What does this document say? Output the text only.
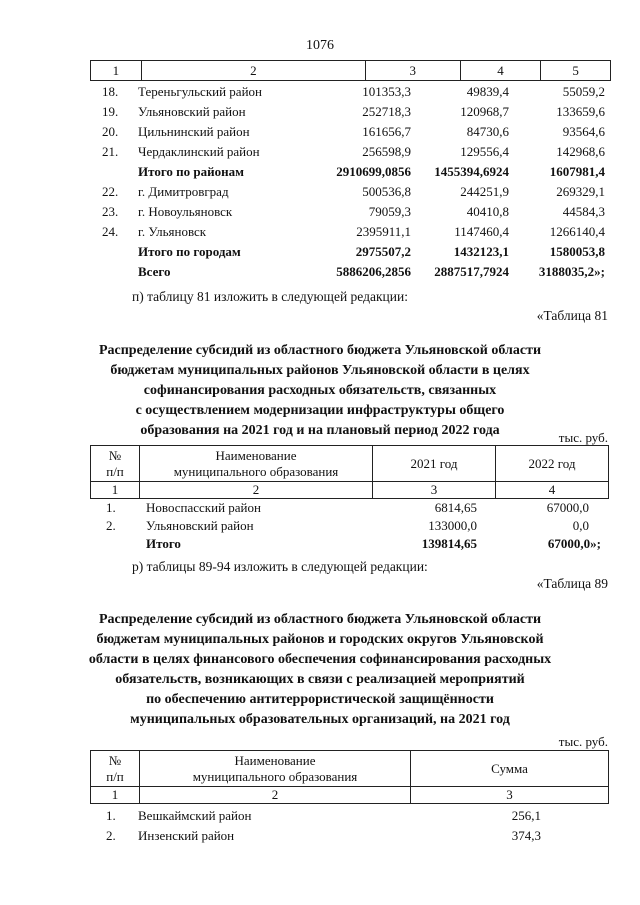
1076
1	2	3	4	5
18. Тереньгульский район	101353,3	49839,4	55059,2
19. Ульяновский район	252718,3	120968,7	133659,6
20. Цильнинский район	161656,7	84730,6	93564,6
21. Чердаклинский район	256598,9	129556,4	142968,6
Итого по районам	2910699,0856 1455394,6924	1607981,4
22. г. Димитровград	500536,8	244251,9	269329,1
23. г. Новоульяновск	79059,3	40410,8	44584,3
24. г. Ульяновск	2395911,1	1147460,4	1266140,4
Итого по городам	2975507,2	1432123,1	1580053,8
Всего	5886206,2856 2887517,7924 3188035,2»;
п) таблицу 81 изложить в следующей редакции:
«Таблица 81
Распределение субсидий из областного бюджета Ульяновской области
бюджетам муниципальных районов Ульяновской области в целях
софинансирования расходных обязательств, связанных
с осуществлением модернизации инфраструктуры общего
образования на 2021 год и на плановый период 2022 года	тыс. руб.
№
п/п	Наименование
муниципального образования	2021 год	2022 год
1	2	3	4
1. Новоспасский район	6814,65	67000,0
2. Ульяновский район	133000,0	0,0
Итого	139814,65	67000,0»;
р) таблицы 89-94 изложить в следующей редакции:
«Таблица 89
Распределение субсидий из областного бюджета Ульяновской области
бюджетам муниципальных районов и городских округов Ульяновской
области в целях финансового обеспечения софинансирования расходных
обязательств, возникающих в связи с реализацией мероприятий
по обеспечению антитеррористической защищённости
муниципальных образовательных организаций, на 2021 год
тыс. руб.
№
п/п	Наименование
муниципального образования	Сумма
1	2	3
1. Вешкаймский район	256,1
2. Инзенский район	374,3
